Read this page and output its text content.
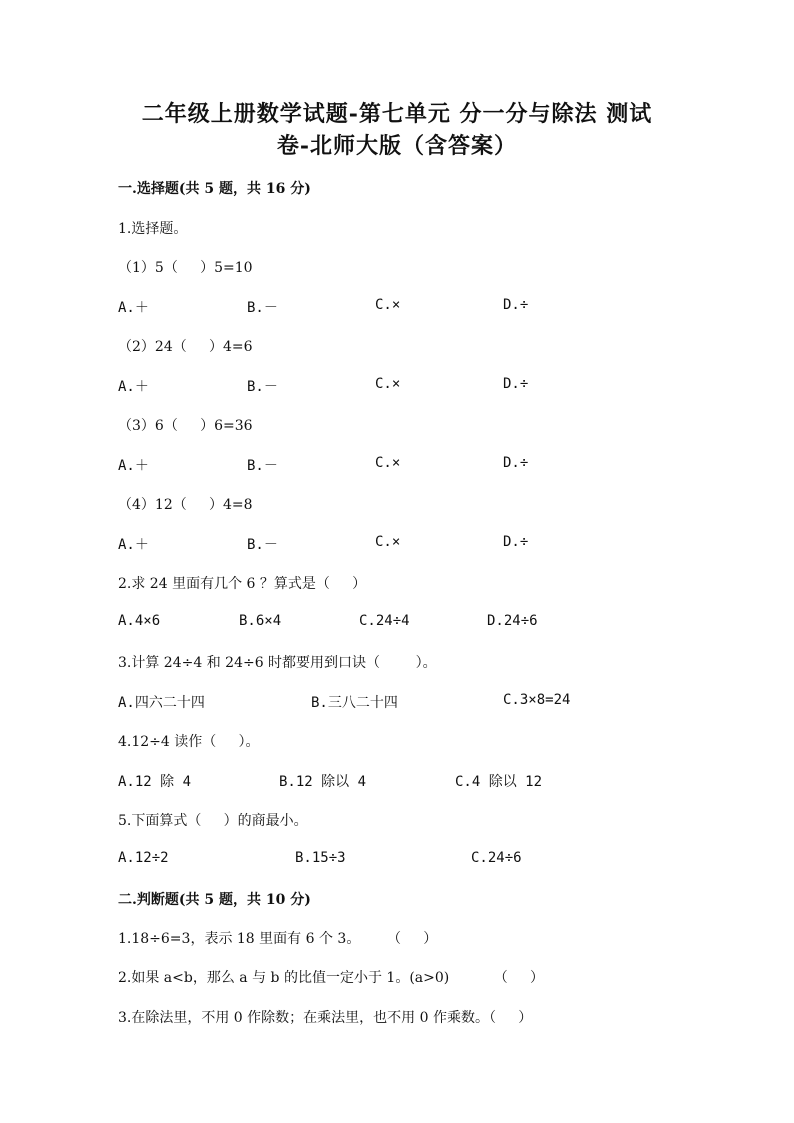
二年级上册数学试题-第七单元 分一分与除法 测试
卷-北师大版（含答案）
一.选择题(共 5 题，共 16 分)
1.选择题。
（1）5（     ）5=10
A.＋	B.－	C.×	D.÷
（2）24（     ）4=6
A.＋	B.－	C.×	D.÷
（3）6（     ）6=36
A.＋	B.－	C.×	D.÷
（4）12（     ）4=8
A.＋	B.－	C.×	D.÷
2.求 24 里面有几个 6 ？算式是（     ）
A.4×6	B.6×4	C.24÷4	D.24÷6
3.计算 24÷4 和 24÷6 时都要用到口诀（        ）。
A.四六二十四	B.三八二十四	C.3×8=24
4.12÷4 读作（     ）。
A.12 除 4	B.12 除以 4	C.4 除以 12
5.下面算式（     ）的商最小。
A.12÷2	B.15÷3	C.24÷6
二.判断题(共 5 题，共 10 分)
1.18÷6=3，表示 18 里面有 6 个 3。      （     ）
2.如果 a<b，那么 a 与 b 的比值一定小于 1。(a>0)          （     ）
3.在除法里，不用 0 作除数；在乘法里，也不用 0 作乘数。（     ）
